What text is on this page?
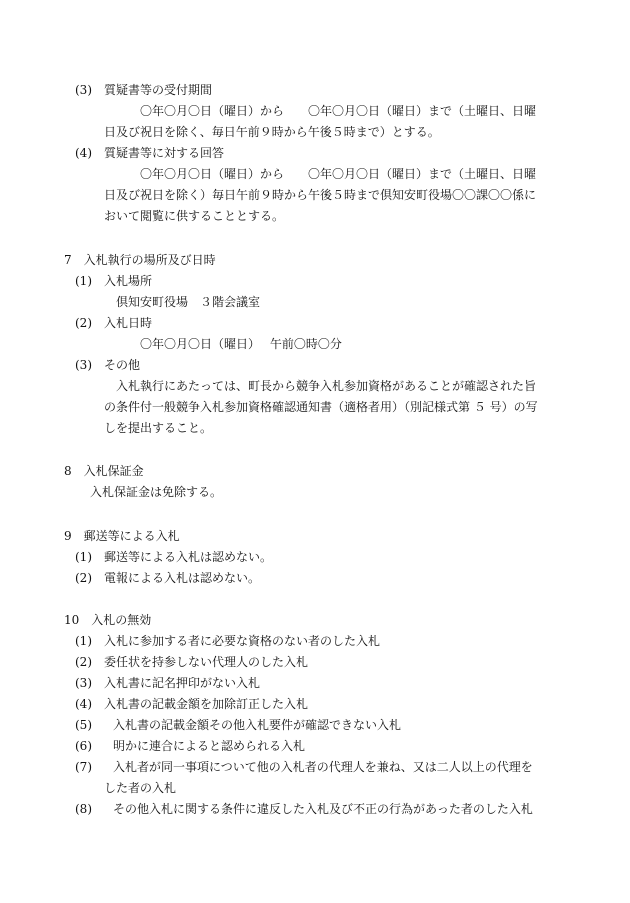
(3)	質疑書等の受付期間
〇年〇月〇日（曜日）から　　〇年〇月〇日（曜日）まで（土曜日、日曜
日及び祝日を除く、毎日午前９時から午後５時まで）とする。
(4)	質疑書等に対する回答
〇年〇月〇日（曜日）から　　〇年〇月〇日（曜日）まで（土曜日、日曜
日及び祝日を除く）毎日午前９時から午後５時まで倶知安町役場〇〇課〇〇係に
おいて閲覧に供することとする。
7　入札執行の場所及び日時
(1)	入札場所
倶知安町役場　３階会議室
(2)	入札日時
〇年〇月〇日（曜日）　 午前〇時〇分
(3)	その他
入札執行にあたっては、町長から競争入札参加資格があることが確認された旨
の条件付一般競争入札参加資格確認通知書（適格者用）（別記様式第 ５ 号）の写
しを提出すること。
8　入札保証金
入札保証金は免除する。
9　郵送等による入札
(1)	郵送等による入札は認めない。
(2)	電報による入札は認めない。
10　入札の無効
(1)	入札に参加する者に必要な資格のない者のした入札
(2)	委任状を持参しない代理人のした入札
(3)	入札書に記名押印がない入札
(4)	入札書の記載金額を加除訂正した入札
(5)	入札書の記載金額その他入札要件が確認できない入札
(6)	明かに連合によると認められる入札
(7)	入札者が同一事項について他の入札者の代理人を兼ね、又は二人以上の代理を
した者の入札
(8)	その他入札に関する条件に違反した入札及び不正の行為があった者のした入札
